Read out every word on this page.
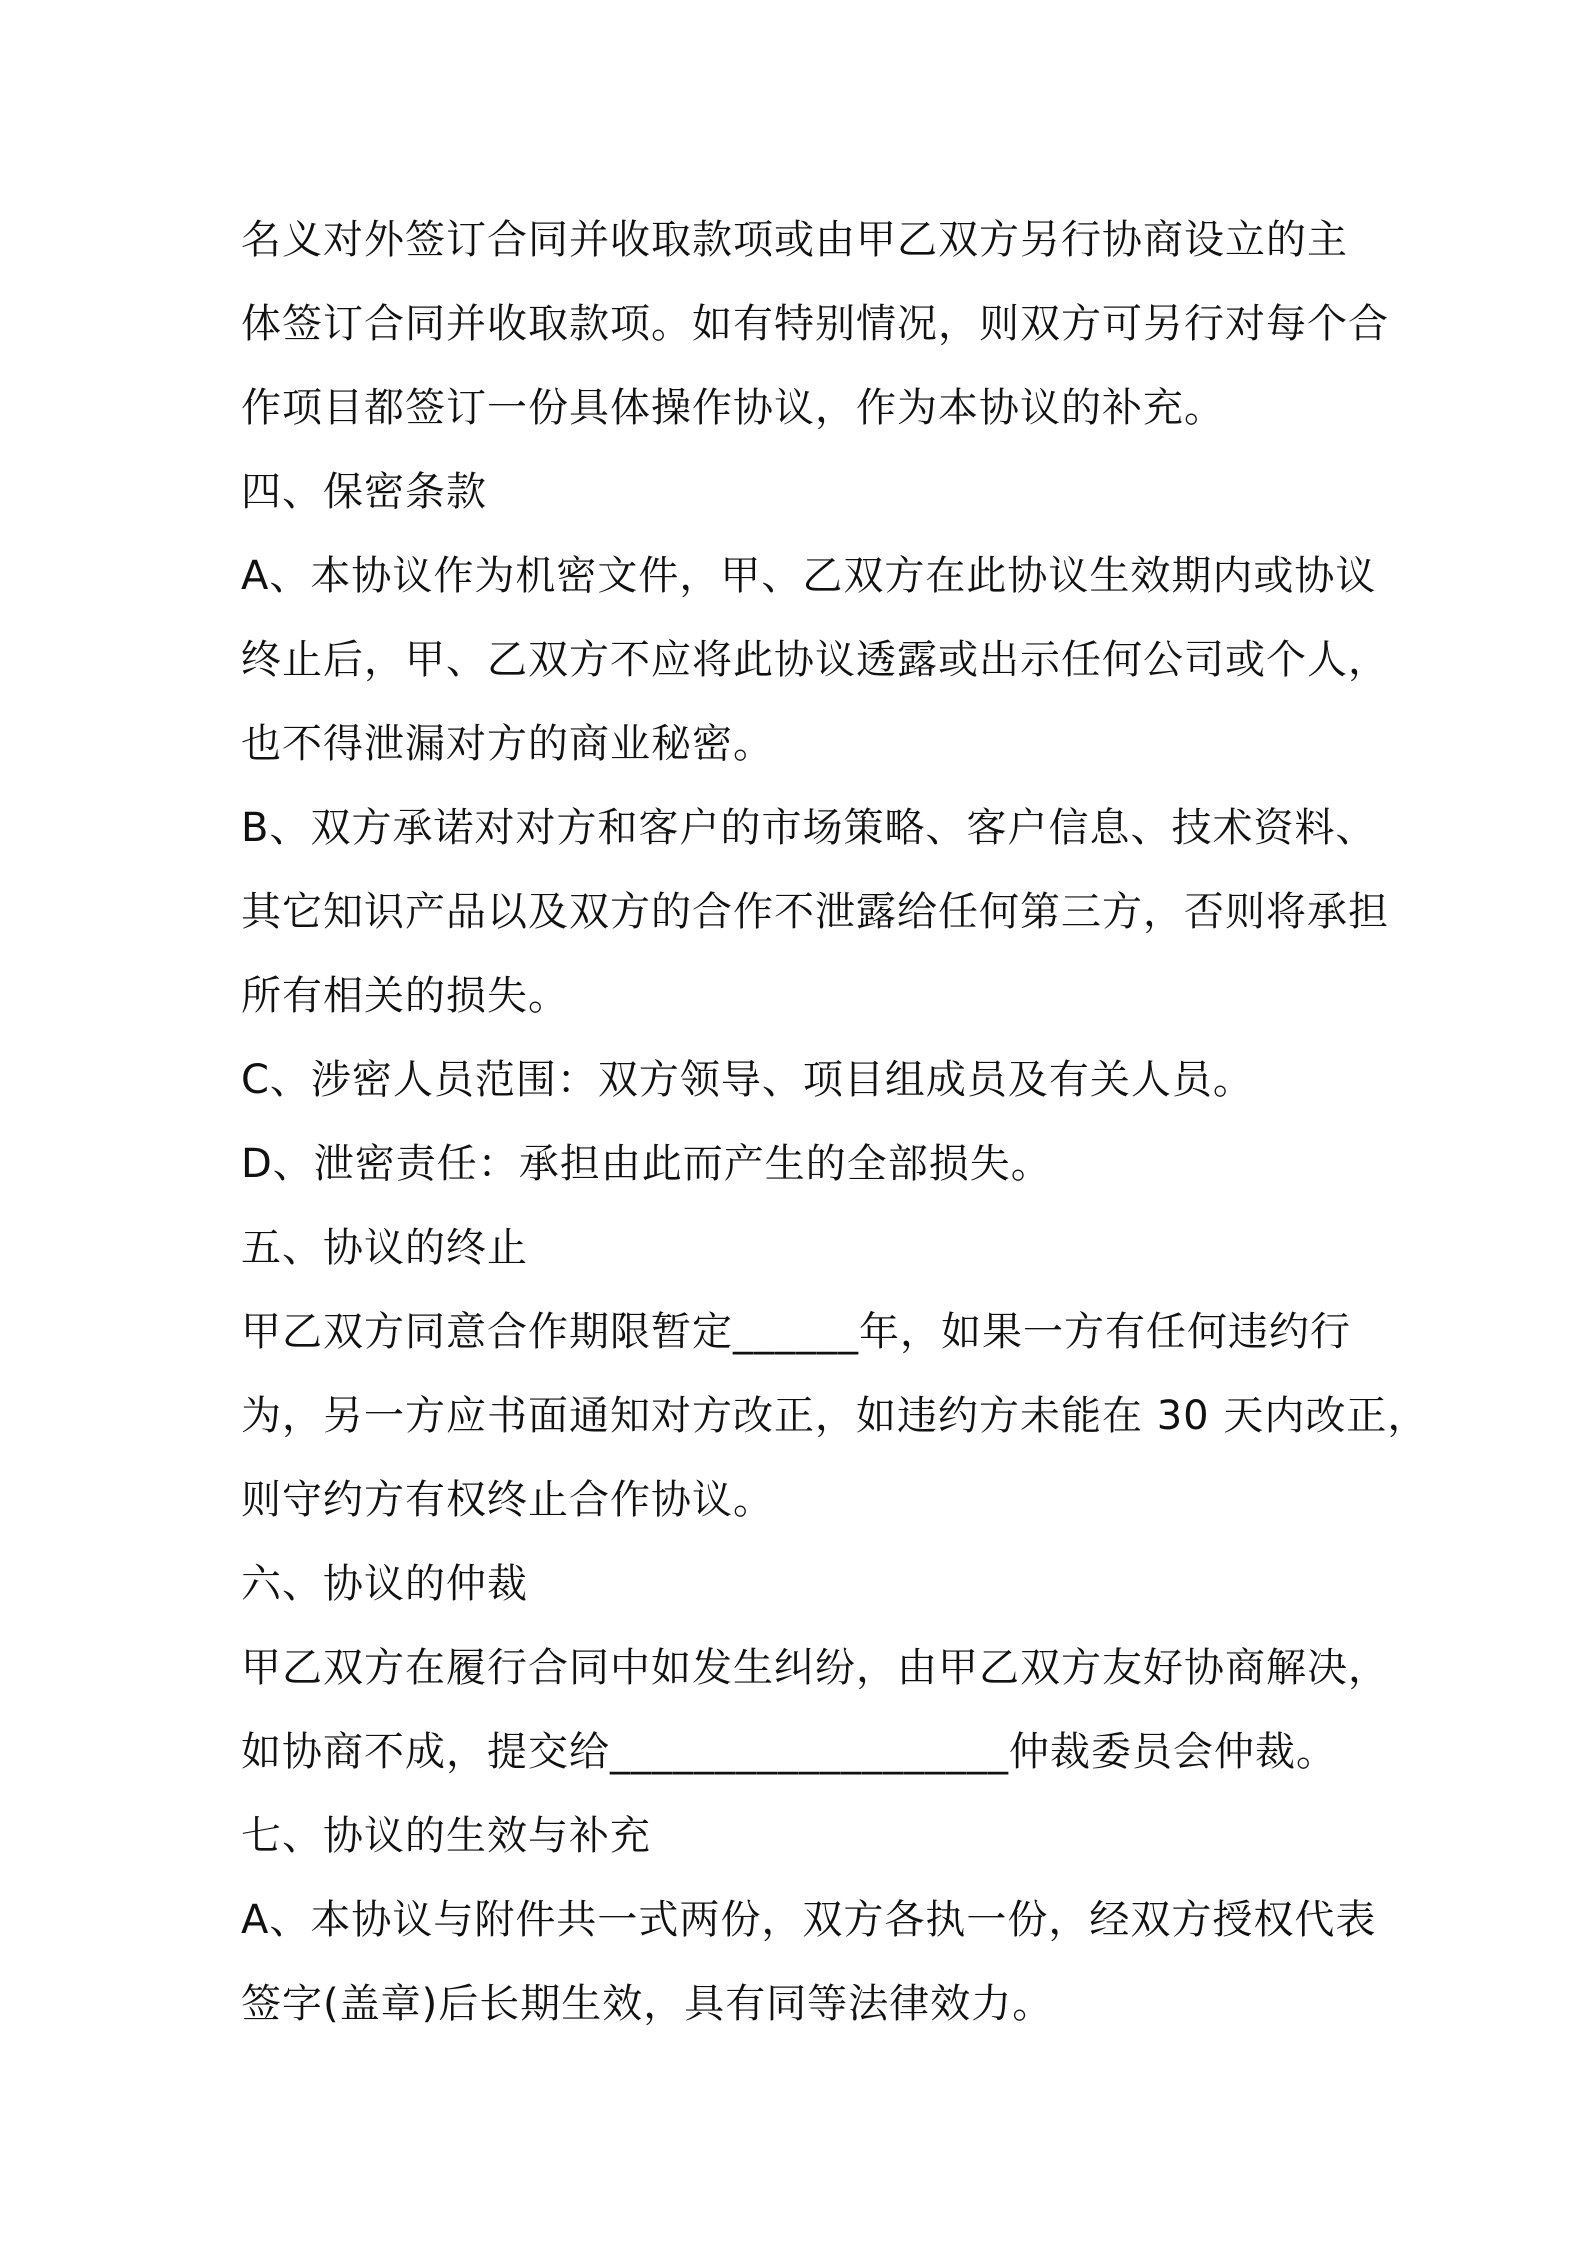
名义对外签订合同并收取款项或由甲乙双方另行协商设立的主
体签订合同并收取款项。如有特别情况，则双方可另行对每个合
作项目都签订一份具体操作协议，作为本协议的补充。
四、保密条款
A、本协议作为机密文件，甲、乙双方在此协议生效期内或协议
终止后，甲、乙双方不应将此协议透露或出示任何公司或个人，
也不得泄漏对方的商业秘密。
B、双方承诺对对方和客户的市场策略、客户信息、技术资料、
其它知识产品以及双方的合作不泄露给任何第三方，否则将承担
所有相关的损失。
C、涉密人员范围：双方领导、项目组成员及有关人员。
D、泄密责任：承担由此而产生的全部损失。
五、协议的终止
甲乙双方同意合作期限暂定______年，如果一方有任何违约行
为，另一方应书面通知对方改正，如违约方未能在 30 天内改正，
则守约方有权终止合作协议。
六、协议的仲裁
甲乙双方在履行合同中如发生纠纷，由甲乙双方友好协商解决，
如协商不成，提交给___________________仲裁委员会仲裁。
七、协议的生效与补充
A、本协议与附件共一式两份，双方各执一份，经双方授权代表
签字(盖章)后长期生效，具有同等法律效力。
